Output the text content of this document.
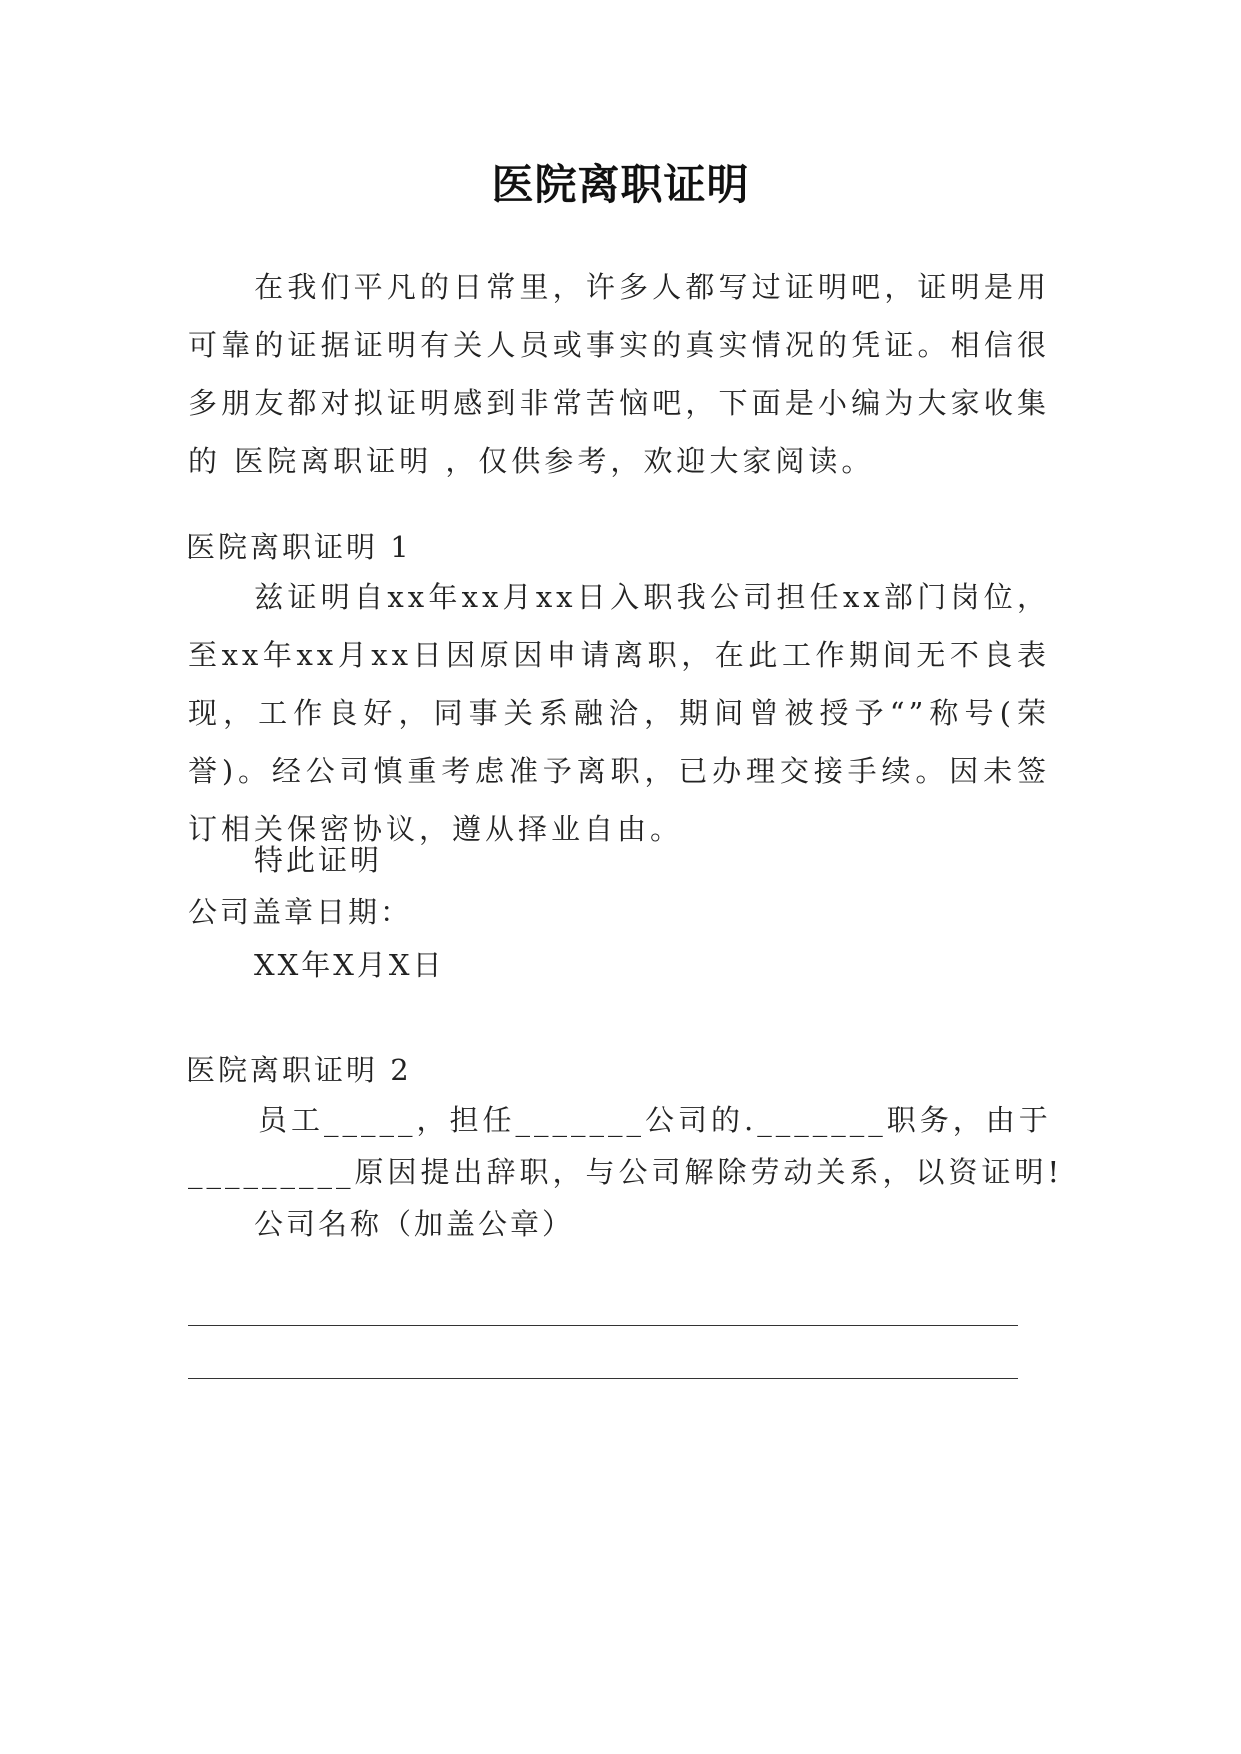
医院离职证明
在我们平凡的日常里，许多人都写过证明吧，证明是用可靠的证据证明有关人员或事实的真实情况的凭证。相信很多朋友都对拟证明感到非常苦恼吧，下面是小编为大家收集的 医院离职证明 ，仅供参考，欢迎大家阅读。
医院离职证明 1
兹证明自xx年xx月xx日入职我公司担任xx部门岗位，至xx年xx月xx日因原因申请离职，在此工作期间无不良表现，工作良好，同事关系融洽，期间曾被授予“”称号(荣誉)。经公司慎重考虑准予离职，已办理交接手续。因未签订相关保密协议，遵从择业自由。
特此证明
公司盖章日期：
XX年X月X日
医院离职证明 2
员工_____，担任_______公司的._______职务，由于
_________原因提出辞职，与公司解除劳动关系，以资证明!
公司名称（加盖公章）
